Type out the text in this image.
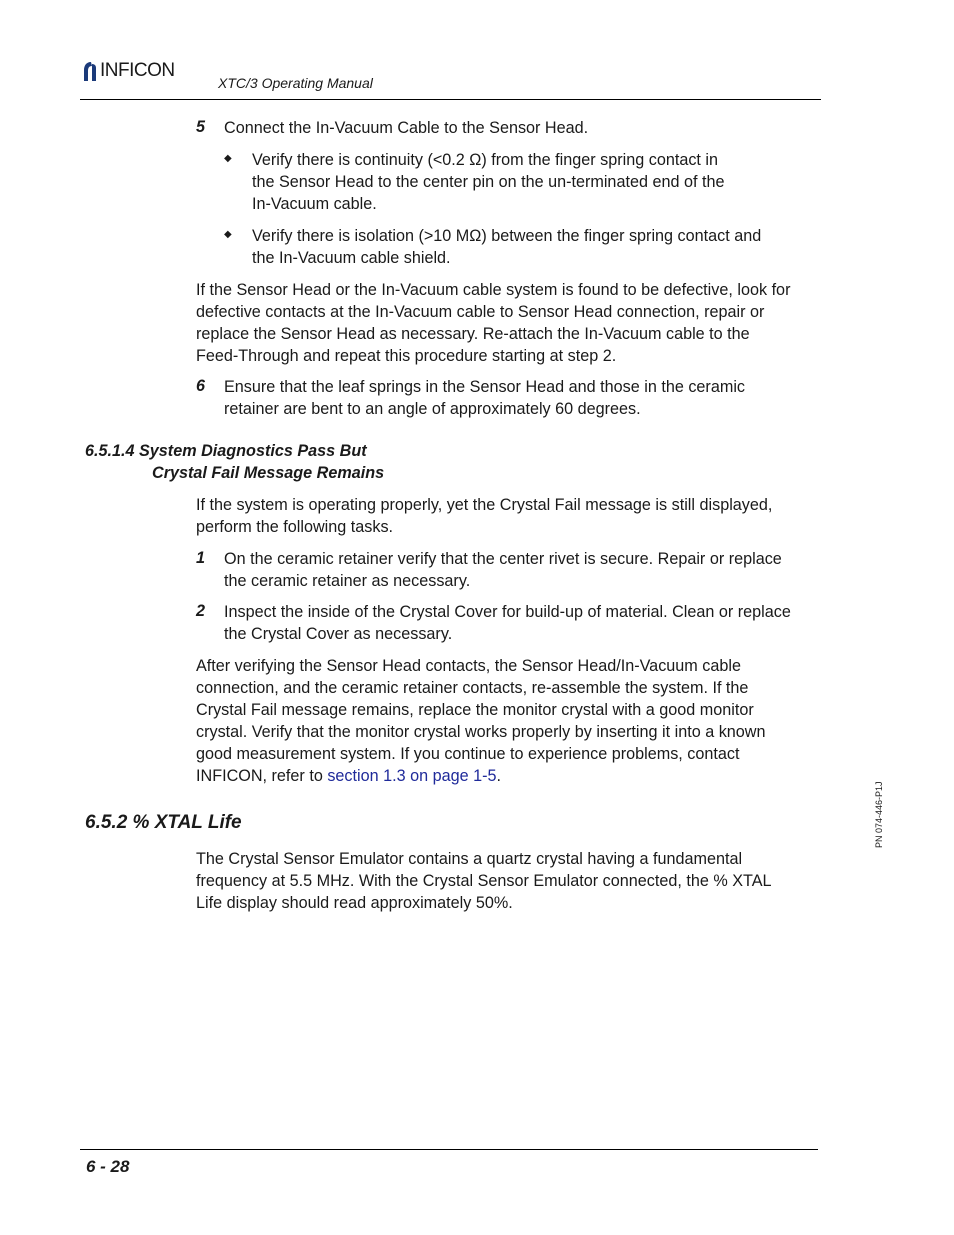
INFICON
XTC/3 Operating Manual
5 Connect the In-Vacuum Cable to the Sensor Head.
◆ Verify there is continuity (<0.2 Ω) from the finger spring contact in
the Sensor Head to the center pin on the un-terminated end of the
In-Vacuum cable.
◆ Verify there is isolation (>10 MΩ) between the finger spring contact and
the In-Vacuum cable shield.
If the Sensor Head or the In-Vacuum cable system is found to be defective, look for
defective contacts at the In-Vacuum cable to Sensor Head connection, repair or
replace the Sensor Head as necessary. Re-attach the In-Vacuum cable to the
Feed-Through and repeat this procedure starting at step 2.
6 Ensure that the leaf springs in the Sensor Head and those in the ceramic
retainer are bent to an angle of approximately 60 degrees.
6.5.1.4 System Diagnostics Pass But
Crystal Fail Message Remains
If the system is operating properly, yet the Crystal Fail message is still displayed,
perform the following tasks.
1 On the ceramic retainer verify that the center rivet is secure. Repair or replace
the ceramic retainer as necessary.
2 Inspect the inside of the Crystal Cover for build-up of material. Clean or replace
the Crystal Cover as necessary.
After verifying the Sensor Head contacts, the Sensor Head/In-Vacuum cable
connection, and the ceramic retainer contacts, re-assemble the system. If the
Crystal Fail message remains, replace the monitor crystal with a good monitor
crystal. Verify that the monitor crystal works properly by inserting it into a known
good measurement system. If you continue to experience problems, contact
INFICON, refer to section 1.3 on page 1-5.
6.5.2 % XTAL Life
The Crystal Sensor Emulator contains a quartz crystal having a fundamental
frequency at 5.5 MHz. With the Crystal Sensor Emulator connected, the % XTAL
Life display should read approximately 50%.
PN 074-446-P1J
6 - 28
